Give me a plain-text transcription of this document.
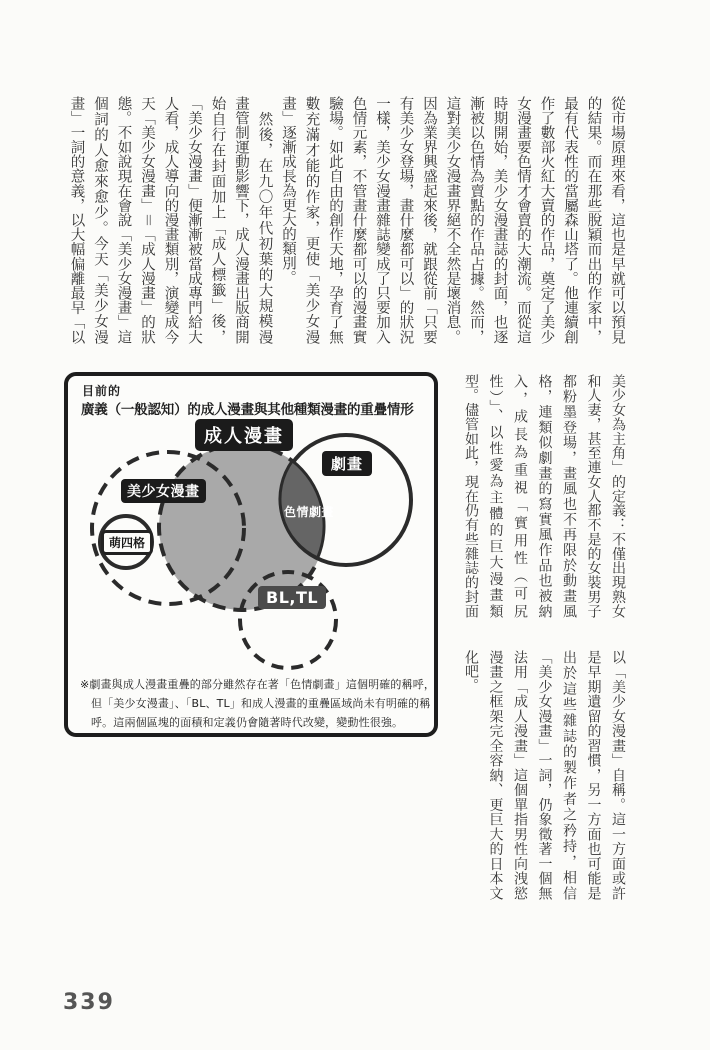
從市場原理來看，這也是早就可以預見
的結果。而在那些脫穎而出的作家中，
最有代表性的當屬森山塔了。他連續創
作了數部火紅大賣的作品，奠定了美少
女漫畫要色情才會賣的大潮流。而從這
時期開始，美少女漫畫誌的封面，也逐
漸被以色情為賣點的作品占據。然而，
這對美少女漫畫界絕不全然是壞消息。
因為業界興盛起來後，就跟從前「只要
有美少女登場，畫什麼都可以」的狀況
一樣，美少女漫畫雜誌變成了只要加入
色情元素，不管畫什麼都可以的漫畫實
驗場。如此自由的創作天地，孕育了無
數充滿才能的作家，更使「美少女漫
畫」逐漸成長為更大的類別。
　然後，在九〇年代初葉的大規模漫
畫管制運動影響下，成人漫畫出版商開
始自行在封面加上「成人標籤」後，
「美少女漫畫」便漸漸被當成專門給大
人看，成人導向的漫畫類別，演變成今
天「美少女漫畫」＝「成人漫畫」的狀
態。不如說現在會說「美少女漫畫」這
個詞的人愈來愈少。今天「美少女漫
畫」一詞的意義，以大幅偏離最早「以
目前的
廣義（一般認知）的成人漫畫與其他種類漫畫的重疊情形
成人漫畫
劇畫
美少女漫畫
色情劇畫
萌四格
BL,TL
※劇畫與成人漫畫重疊的部分雖然存在著「色情劇畫」這個明確的稱呼，
但「美少女漫畫」、「BL、TL」和成人漫畫的重疊區域尚未有明確的稱
呼。這兩個區塊的面積和定義仍會隨著時代改變，變動性很強。
美少女為主角」的定義：不僅出現熟女
和人妻，甚至連女人都不是的女裝男子
都粉墨登場，畫風也不再限於動畫風
格，連類似劇畫的寫實風作品也被納
入，成長為重視「實用性（可尻
性）」、以性愛為主體的巨大漫畫類
型。儘管如此，現在仍有些雜誌的封面
以「美少女漫畫」自稱。這一方面或許
是早期遺留的習慣，另一方面也可能是
出於這些雜誌的製作者之矜持，相信
「美少女漫畫」一詞，仍象徵著一個無
法用「成人漫畫」這個單指男性向洩慾
漫畫之框架完全容納、更巨大的日本文
化吧。
339
